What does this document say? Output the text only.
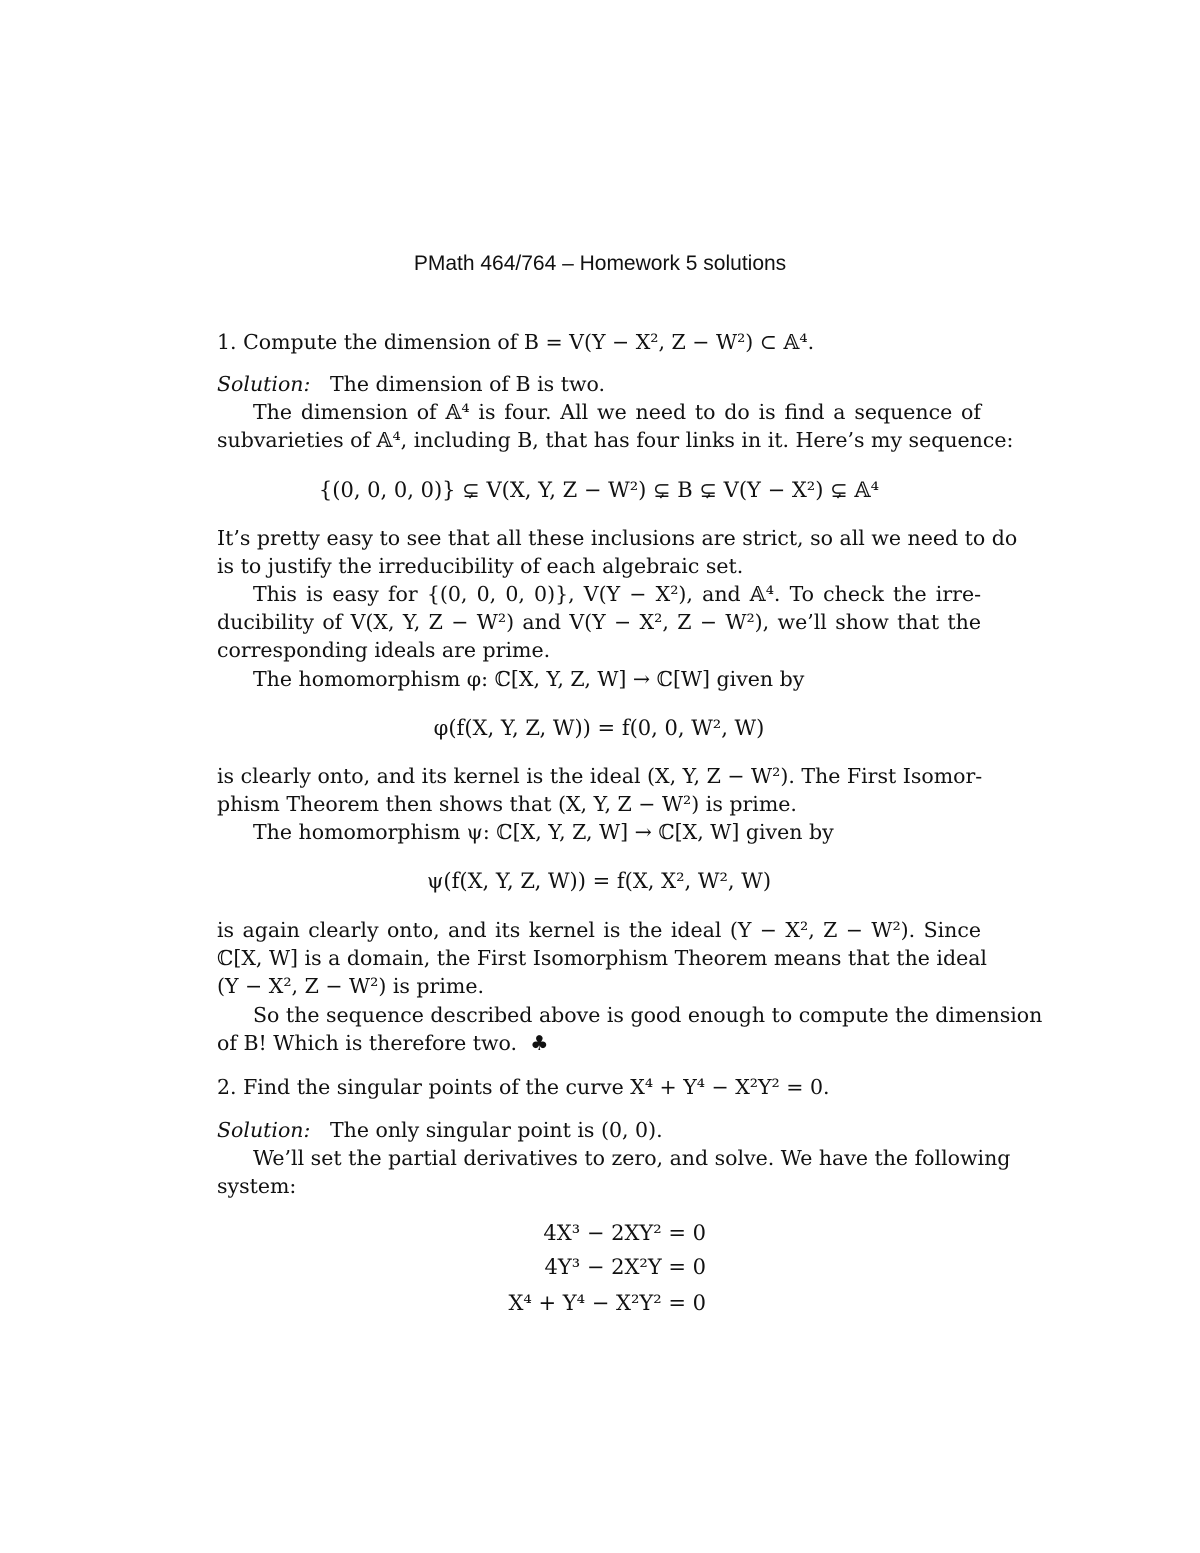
PMath 464/764 – Homework 5 solutions
1. Compute the dimension of B = V(Y − X², Z − W²) ⊂ 𝔸⁴.
Solution: The dimension of B is two.
The dimension of 𝔸⁴ is four. All we need to do is find a sequence of
subvarieties of 𝔸⁴, including B, that has four links in it. Here’s my sequence:
{(0, 0, 0, 0)} ⊊ V(X, Y, Z − W²) ⊊ B ⊊ V(Y − X²) ⊊ 𝔸⁴
It’s pretty easy to see that all these inclusions are strict, so all we need to do
is to justify the irreducibility of each algebraic set.
This is easy for {(0, 0, 0, 0)}, V(Y − X²), and 𝔸⁴. To check the irre-
ducibility of V(X, Y, Z − W²) and V(Y − X², Z − W²), we’ll show that the
corresponding ideals are prime.
The homomorphism φ: ℂ[X, Y, Z, W] → ℂ[W] given by
φ(f(X, Y, Z, W)) = f(0, 0, W², W)
is clearly onto, and its kernel is the ideal (X, Y, Z − W²). The First Isomor-
phism Theorem then shows that (X, Y, Z − W²) is prime.
The homomorphism ψ: ℂ[X, Y, Z, W] → ℂ[X, W] given by
ψ(f(X, Y, Z, W)) = f(X, X², W², W)
is again clearly onto, and its kernel is the ideal (Y − X², Z − W²). Since
ℂ[X, W] is a domain, the First Isomorphism Theorem means that the ideal
(Y − X², Z − W²) is prime.
So the sequence described above is good enough to compute the dimension
of B! Which is therefore two. ♣
2. Find the singular points of the curve X⁴ + Y⁴ − X²Y² = 0.
Solution: The only singular point is (0, 0).
We’ll set the partial derivatives to zero, and solve. We have the following
system:
4X³ − 2XY² = 0
4Y³ − 2X²Y = 0
X⁴ + Y⁴ − X²Y² = 0
